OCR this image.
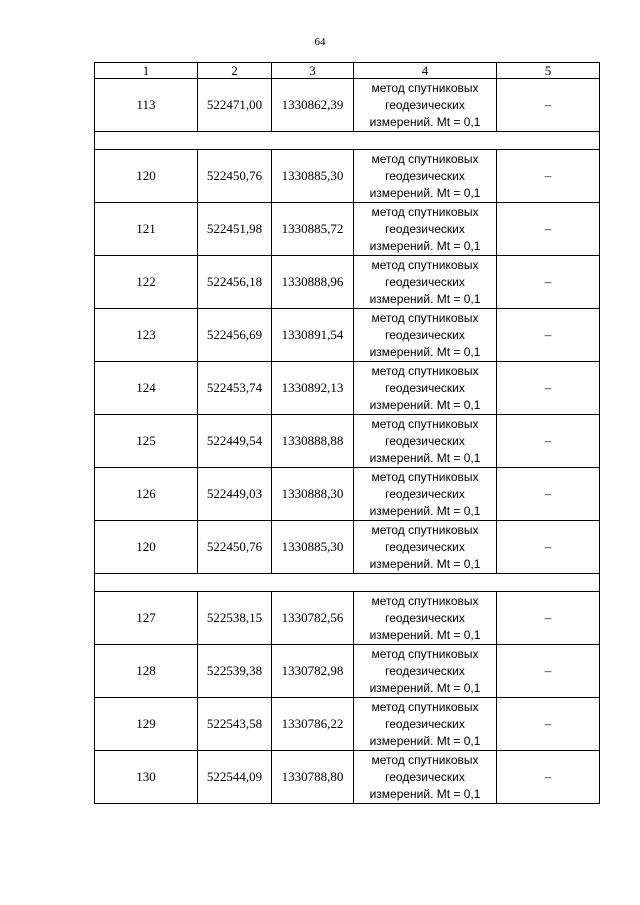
64
1	2	3	4	5
113	522471,00	1330862,39	метод спутниковых
геодезических
измерений. Mt = 0,1	–

120	522450,76	1330885,30	метод спутниковых
геодезических
измерений. Mt = 0,1	–
121	522451,98	1330885,72	метод спутниковых
геодезических
измерений. Mt = 0,1	–
122	522456,18	1330888,96	метод спутниковых
геодезических
измерений. Mt = 0,1	–
123	522456,69	1330891,54	метод спутниковых
геодезических
измерений. Mt = 0,1	–
124	522453,74	1330892,13	метод спутниковых
геодезических
измерений. Mt = 0,1	–
125	522449,54	1330888,88	метод спутниковых
геодезических
измерений. Mt = 0,1	–
126	522449,03	1330888,30	метод спутниковых
геодезических
измерений. Mt = 0,1	–
120	522450,76	1330885,30	метод спутниковых
геодезических
измерений. Mt = 0,1	–

127	522538,15	1330782,56	метод спутниковых
геодезических
измерений. Mt = 0,1	–
128	522539,38	1330782,98	метод спутниковых
геодезических
измерений. Mt = 0,1	–
129	522543,58	1330786,22	метод спутниковых
геодезических
измерений. Mt = 0,1	–
130	522544,09	1330788,80	метод спутниковых
геодезических
измерений. Mt = 0,1	–
